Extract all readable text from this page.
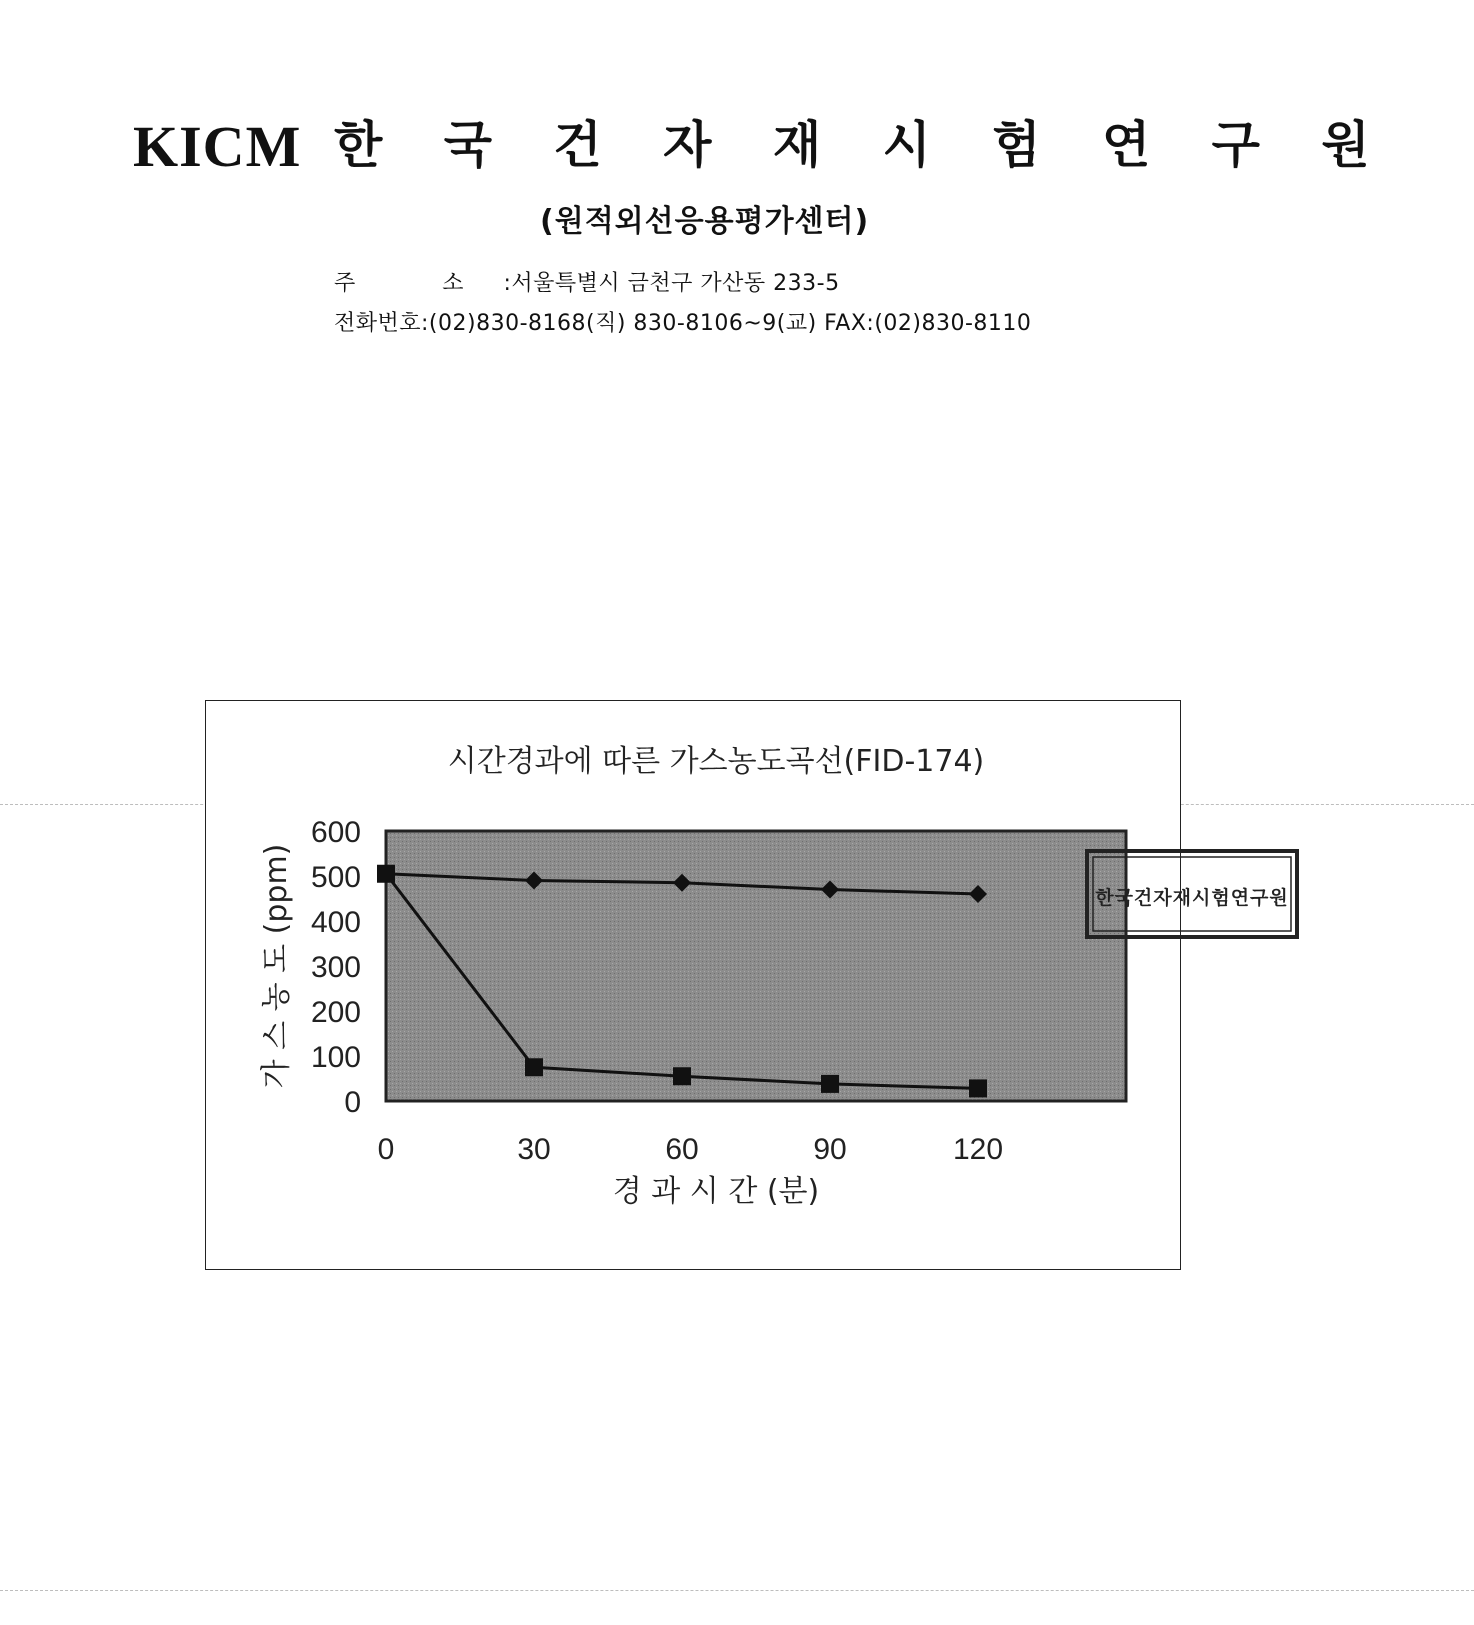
KICM 한 국 건 자 재 시 험 연 구 원
(원적외선응용평가센터)
주 소:서울특별시 금천구 가산동 233-5
전화번호:(02)830-8168(직) 830-8106~9(교) FAX:(02)830-8110
시간경과에 따른 가스농도곡선(FID-174)
0
100
200
300
400
500
600
0	30	60	90	120
경 과 시 간 (분)
가 스 농 도 (ppm)	한국건자재시험연구원
